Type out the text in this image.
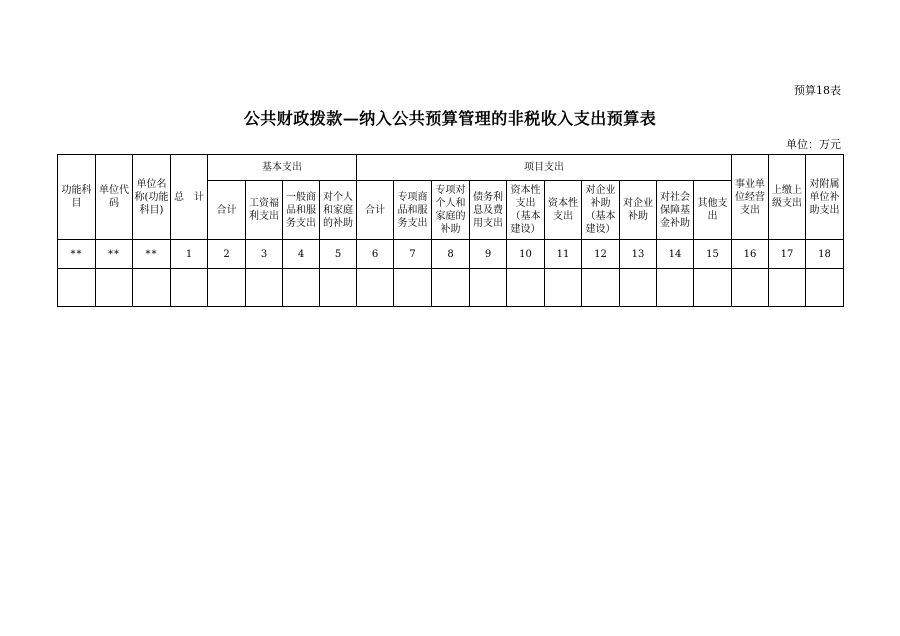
预算18表
公共财政拨款—纳入公共预算管理的非税收入支出预算表
单位：万元
功能科目	单位代码	单位名称(功能科目)	总　计	基本支出				项目支出										事业单位经营支出	上缴上级支出	对附属单位补助支出
				合计	工资福利支出	一般商品和服务支出	对个人和家庭的补助	合计	专项商品和服务支出	专项对个人和家庭的补助	债务利息及费用支出	资本性支出（基本建设）	资本性支出	对企业补助（基本建设）	对企业补助	对社会保障基金补助	其他支出			
**	**	**	1	2	3	4	5	6	7	8	9	10	11	12	13	14	15	16	17	18
